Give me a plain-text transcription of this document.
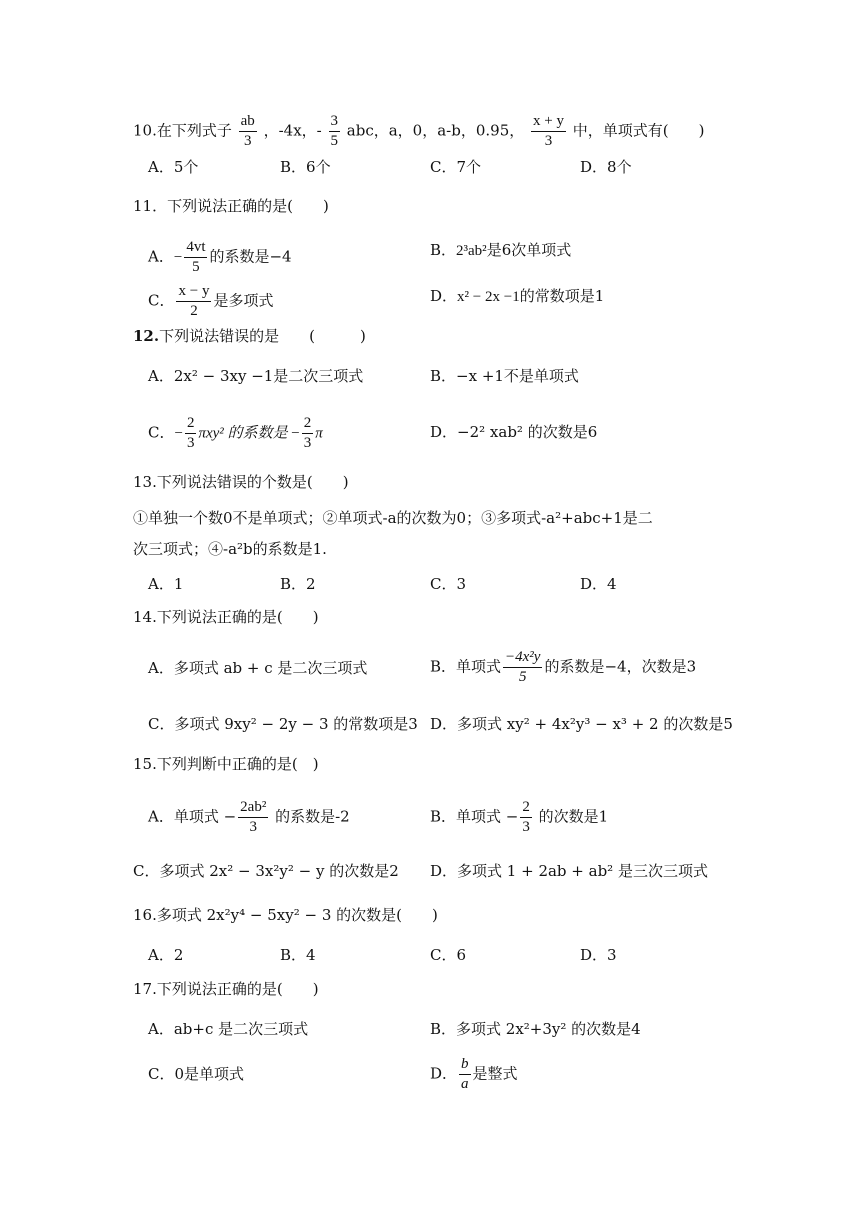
10.在下列式子 $\frac{ab}{3}$ ，-4x，- $\frac{3}{5}$ abc，a，0，a-b，0.95， $\frac{x + y}{3}$ 中，单项式有(　　)
A．5个	B．6个	C．7个	D．8个
11．下列说法正确的是(　　)
A．− $\frac{4vt}{5}$ 的系数是−4	B．2³ab²是6次单项式
C． $\frac{x - y}{2}$ 是多项式	D．x² − 2x −1的常数项是1
12.下列说法错误的是　　(　　　)
A．2x² − 3xy −1是二次三项式	B．−x +1不是单项式
C．− $\frac{2}{3} \pi xy^2$ 的系数是 − $\frac{2}{3}$ π	D．−2² xab² 的次数是6
13.下列说法错误的个数是(　　)
①单独一个数0不是单项式；②单项式-a的次数为0；③多项式-a²+abc+1是二
次三项式；④-a²b的系数是1.
A．1	B．2	C．3	D．4
14.下列说法正确的是(　　)
A．多项式 ab + c 是二次三项式	B．单项式 $\frac{\text{−4x²y}}{5}$ 的系数是−4，次数是3
C．多项式 9xy² − 2y − 3 的常数项是3 D．多项式 xy² + 4x²y³ − x³ + 2 的次数是5
15.下列判断中正确的是(　)
A．单项式 − $\frac{\text{2ab²}}{3}$ 的系数是-2	B．单项式 − $\frac{2}{3}$ 的次数是1
C．多项式 2x² − 3x²y² − y 的次数是2 D．多项式 1 + 2ab + ab² 是三次三项式
16.多项式 2x²y⁴ − 5xy² − 3 的次数是(　　)
A．2	B．4	C．6	D．3
17.下列说法正确的是(　　)
A．ab+c 是二次三项式	B．多项式 2x²+3y² 的次数是4
C．0是单项式	D． $\frac{b}{a}$ 是整式
